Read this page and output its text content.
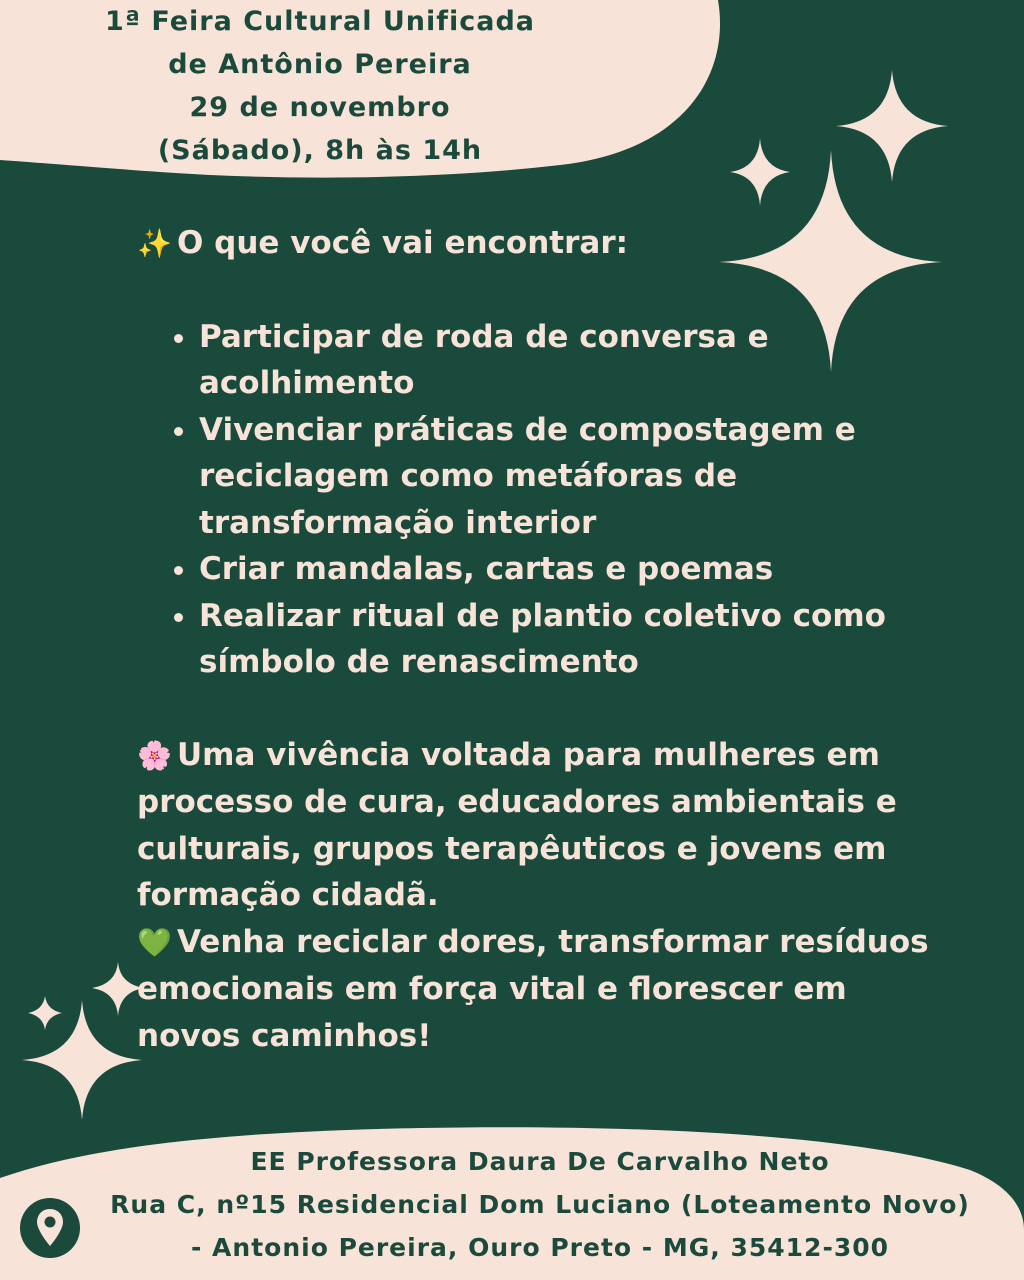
1ª Feira Cultural Unificada
de Antônio Pereira
29 de novembro
(Sábado), 8h às 14h

✨ O que você vai encontrar:

Participar de roda de conversa e acolhimento
Vivenciar práticas de compostagem e reciclagem como metáforas de transformação interior
Criar mandalas, cartas e poemas
Realizar ritual de plantio coletivo como símbolo de renascimento

🌸 Uma vivência voltada para mulheres em processo de cura, educadores ambientais e culturais, grupos terapêuticos e jovens em formação cidadã.

💚 Venha reciclar dores, transformar resíduos emocionais em força vital e florescer em novos caminhos!

EE Professora Daura De Carvalho Neto
Rua C, nº15 Residencial Dom Luciano (Loteamento Novo)
- Antonio Pereira, Ouro Preto - MG, 35412-300
